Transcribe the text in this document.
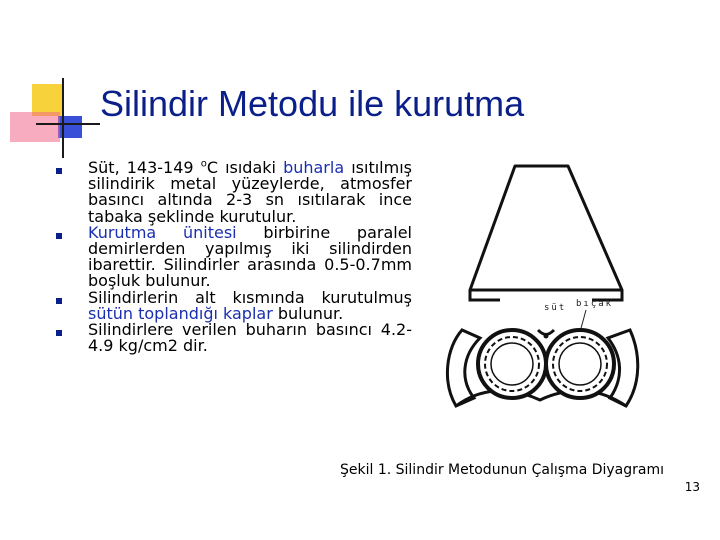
Silindir Metodu ile kurutma
Süt, 143-149 $^o$C ısıdaki buharla ısıtılmış silindirik metal yüzeylerde, atmosfer basıncı altında 2-3 sn ısıtılarak ince tabaka şeklinde kurutulur.
Kurutma ünitesi birbirine paralel demirlerden yapılmış iki silindirden ibarettir. Silindirler arasında 0.5-0.7mm boşluk bulunur.
Silindirlerin alt kısmında kurutulmuş sütün toplandığı kaplar bulunur.
Silindirlere verilen buharın basıncı 4.2-4.9 kg/cm2 dir.
süt bıçak
Şekil 1. Silindir Metodunun Çalışma Diyagramı
13
